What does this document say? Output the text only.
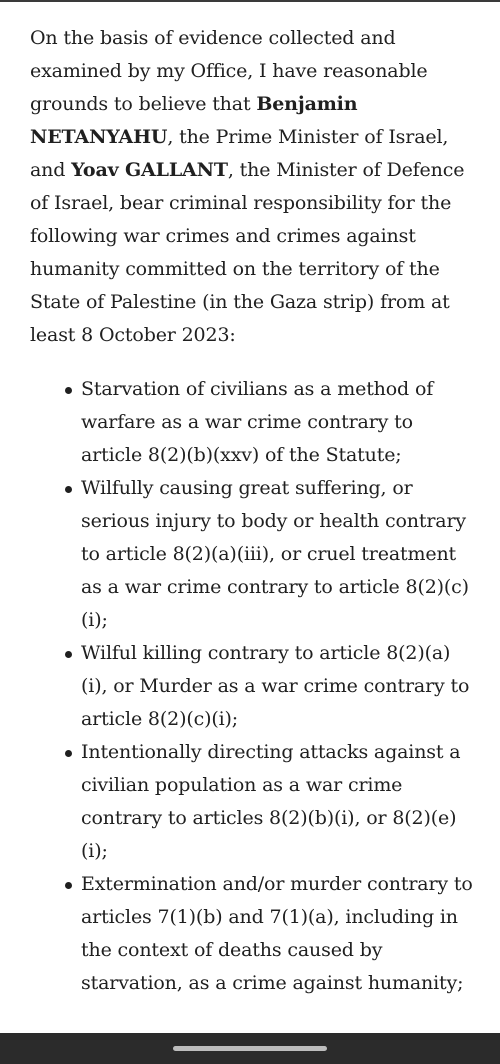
On the basis of evidence collected and examined by my Office, I have reasonable grounds to believe that Benjamin NETANYAHU, the Prime Minister of Israel, and Yoav GALLANT, the Minister of Defence of Israel, bear criminal responsibility for the following war crimes and crimes against humanity committed on the territory of the State of Palestine (in the Gaza strip) from at least 8 October 2023:

Starvation of civilians as a method of warfare as a war crime contrary to article 8(2)(b)(xxv) of the Statute;
Wilfully causing great suffering, or serious injury to body or health contrary to article 8(2)(a)(iii), or cruel treatment as a war crime contrary to article 8(2)(c)(i);
Wilful killing contrary to article 8(2)(a)(i), or Murder as a war crime contrary to article 8(2)(c)(i);
Intentionally directing attacks against a civilian population as a war crime contrary to articles 8(2)(b)(i), or 8(2)(e)(i);
Extermination and/or murder contrary to articles 7(1)(b) and 7(1)(a), including in the context of deaths caused by starvation, as a crime against humanity;
